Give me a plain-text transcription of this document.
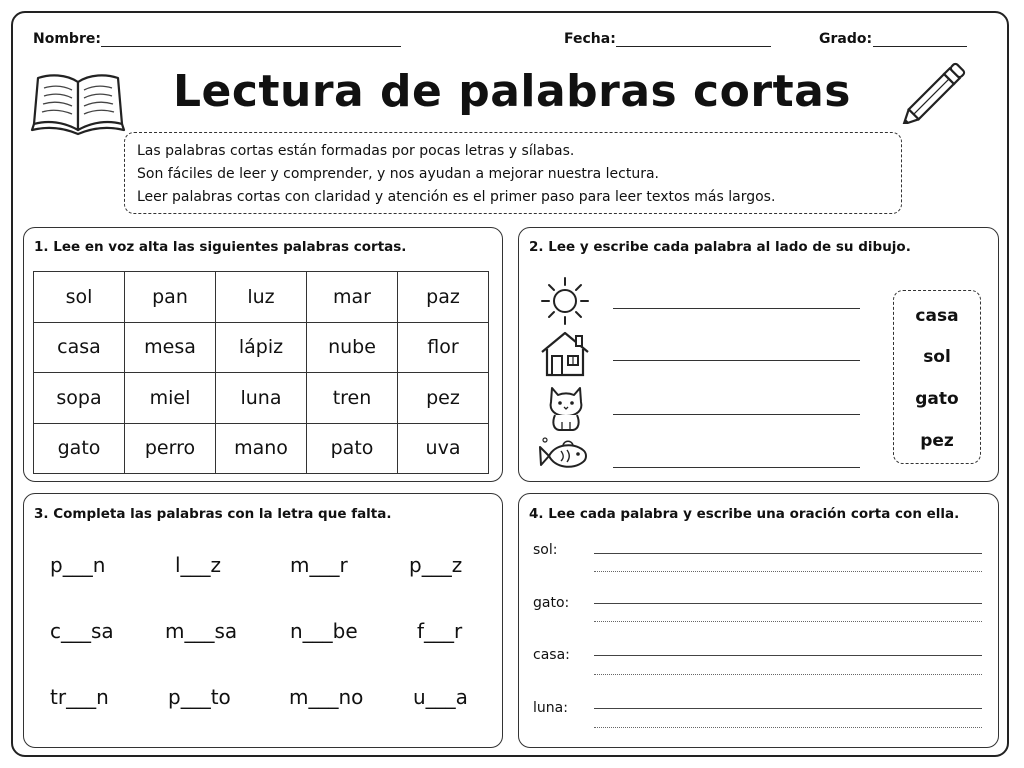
Nombre:	Fecha:	Grado:
Lectura de palabras cortas
Las palabras cortas están formadas por pocas letras y sílabas.
Son fáciles de leer y comprender, y nos ayudan a mejorar nuestra lectura.
Leer palabras cortas con claridad y atención es el primer paso para leer textos más largos.
1. Lee en voz alta las siguientes palabras cortas.
sol	pan	luz	mar	paz
casa	mesa	lápiz	nube	flor
sopa	miel	luna	tren	pez
gato	perro	mano	pato	uva
2. Lee y escribe cada palabra al lado de su dibujo.
casa
sol
gato
pez
3. Completa las palabras con la letra que falta.
p___n	l___z	m___r	p___z
c___sa	m___sa	n___be	f___r
tr___n	p___to	m___no u___a
4. Lee cada palabra y escribe una oración corta con ella.
sol:
gato:
casa:
luna:
